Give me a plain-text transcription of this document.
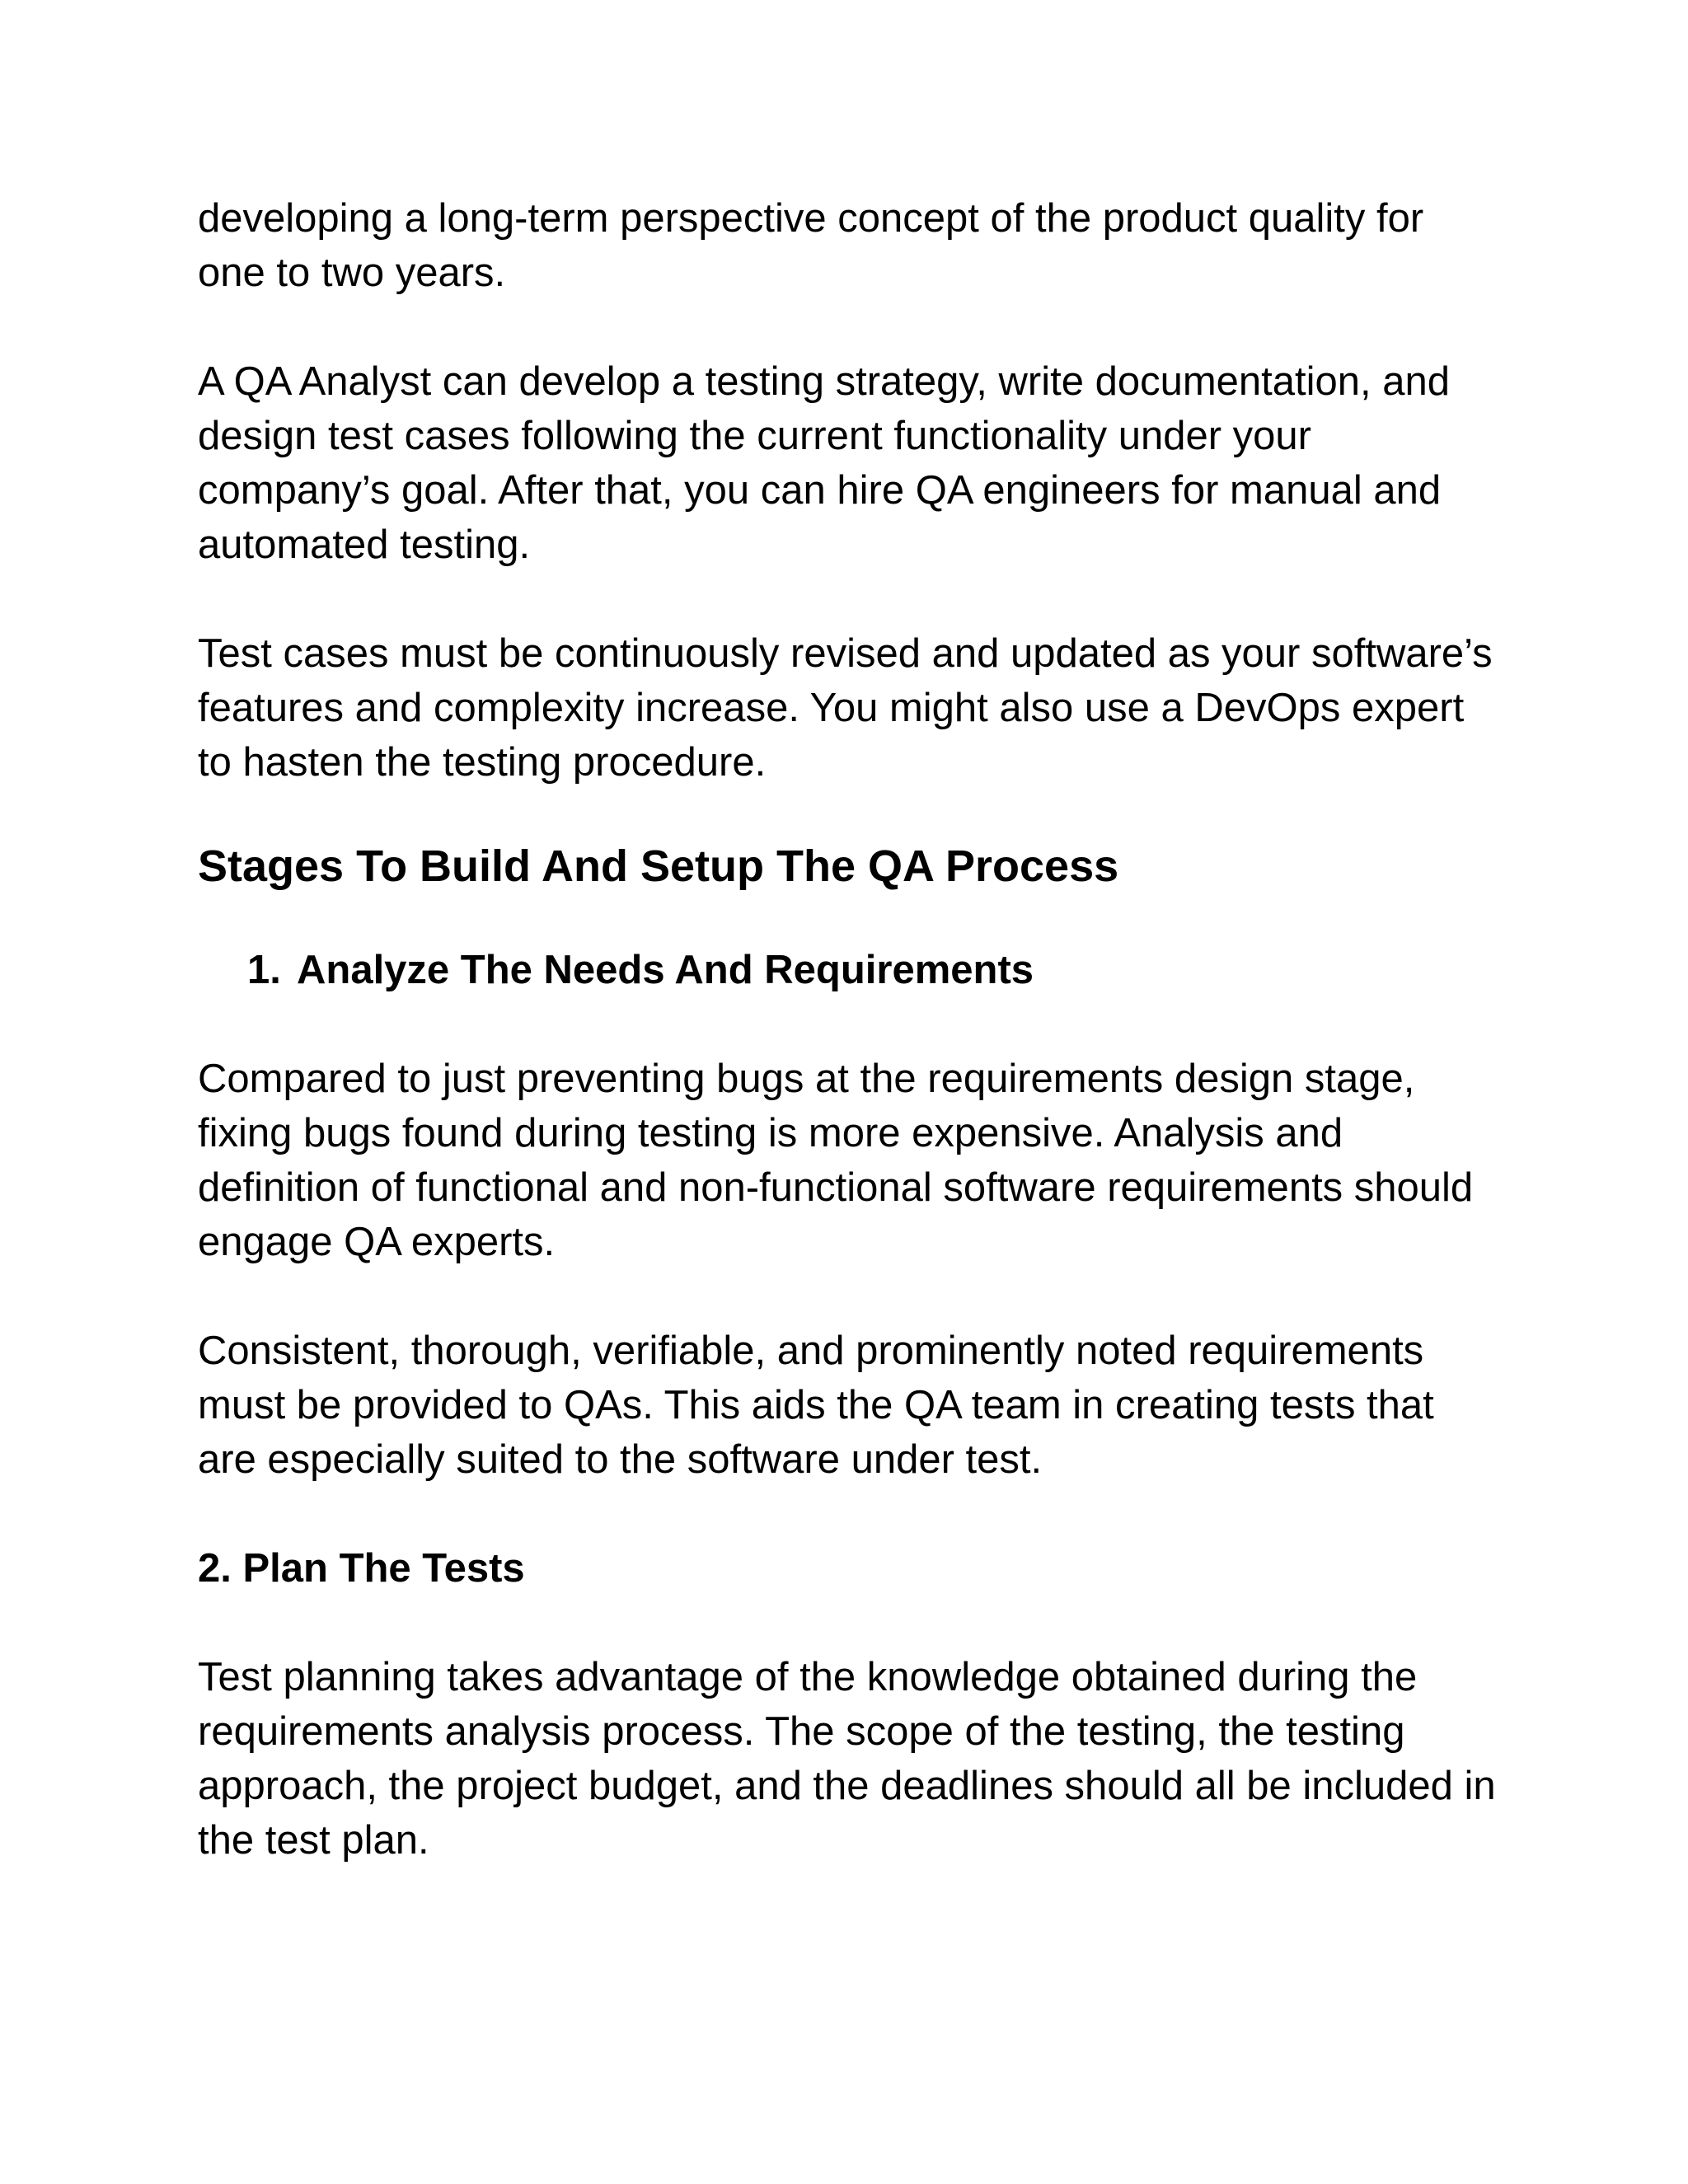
developing a long-term perspective concept of the product quality for one to two years.

A QA Analyst can develop a testing strategy, write documentation, and design test cases following the current functionality under your company’s goal. After that, you can hire QA engineers for manual and automated testing.

Test cases must be continuously revised and updated as your software’s features and complexity increase. You might also use a DevOps expert to hasten the testing procedure.

Stages To Build And Setup The QA Process
1. Analyze The Needs And Requirements

Compared to just preventing bugs at the requirements design stage, fixing bugs found during testing is more expensive. Analysis and definition of functional and non-functional software requirements should engage QA experts.

Consistent, thorough, verifiable, and prominently noted requirements must be provided to QAs. This aids the QA team in creating tests that are especially suited to the software under test.

2. Plan The Tests

Test planning takes advantage of the knowledge obtained during the requirements analysis process. The scope of the testing, the testing approach, the project budget, and the deadlines should all be included in the test plan.
